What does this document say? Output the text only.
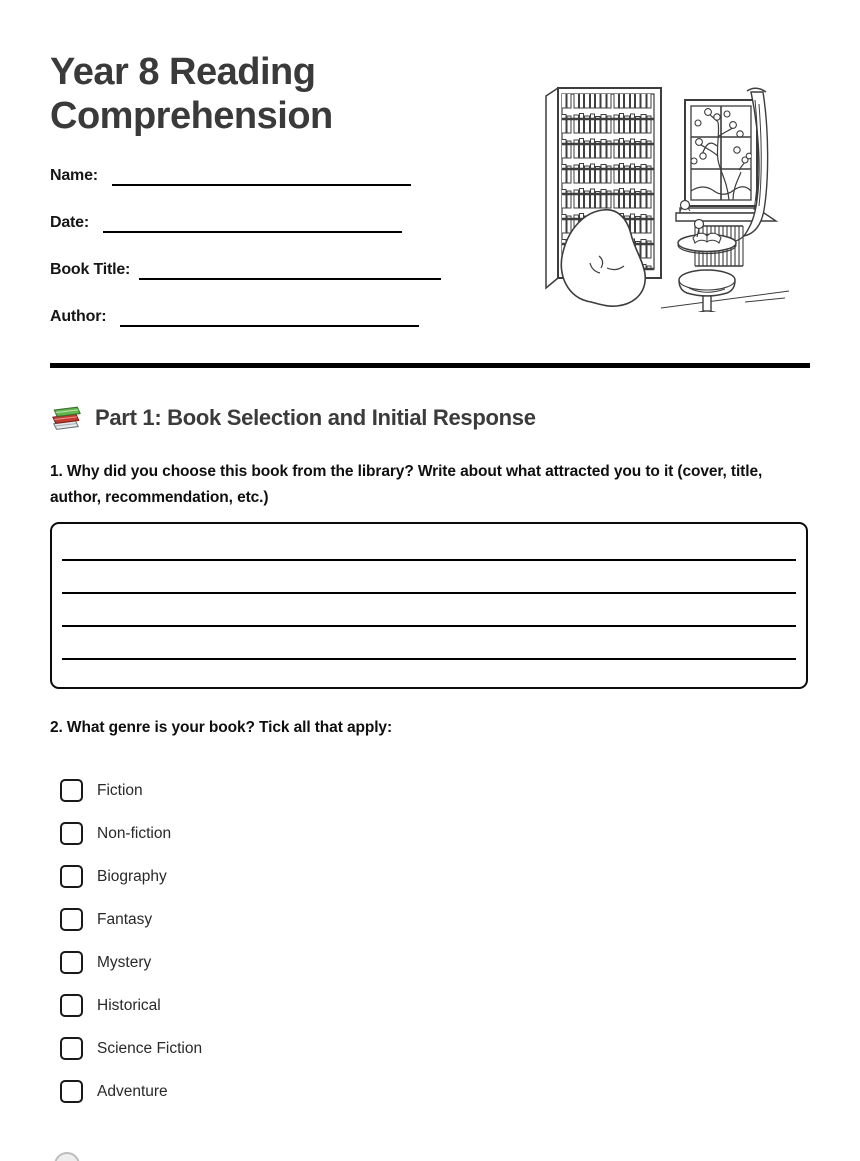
Year 8 Reading Comprehension
Name:
Date:
Book Title:
Author:
Part 1: Book Selection and Initial Response
1. Why did you choose this book from the library? Write about what attracted you to it (cover, title, author, recommendation, etc.)
2. What genre is your book? Tick all that apply:
Fiction
Non-fiction
Biography
Fantasy
Mystery
Historical
Science Fiction
Adventure
